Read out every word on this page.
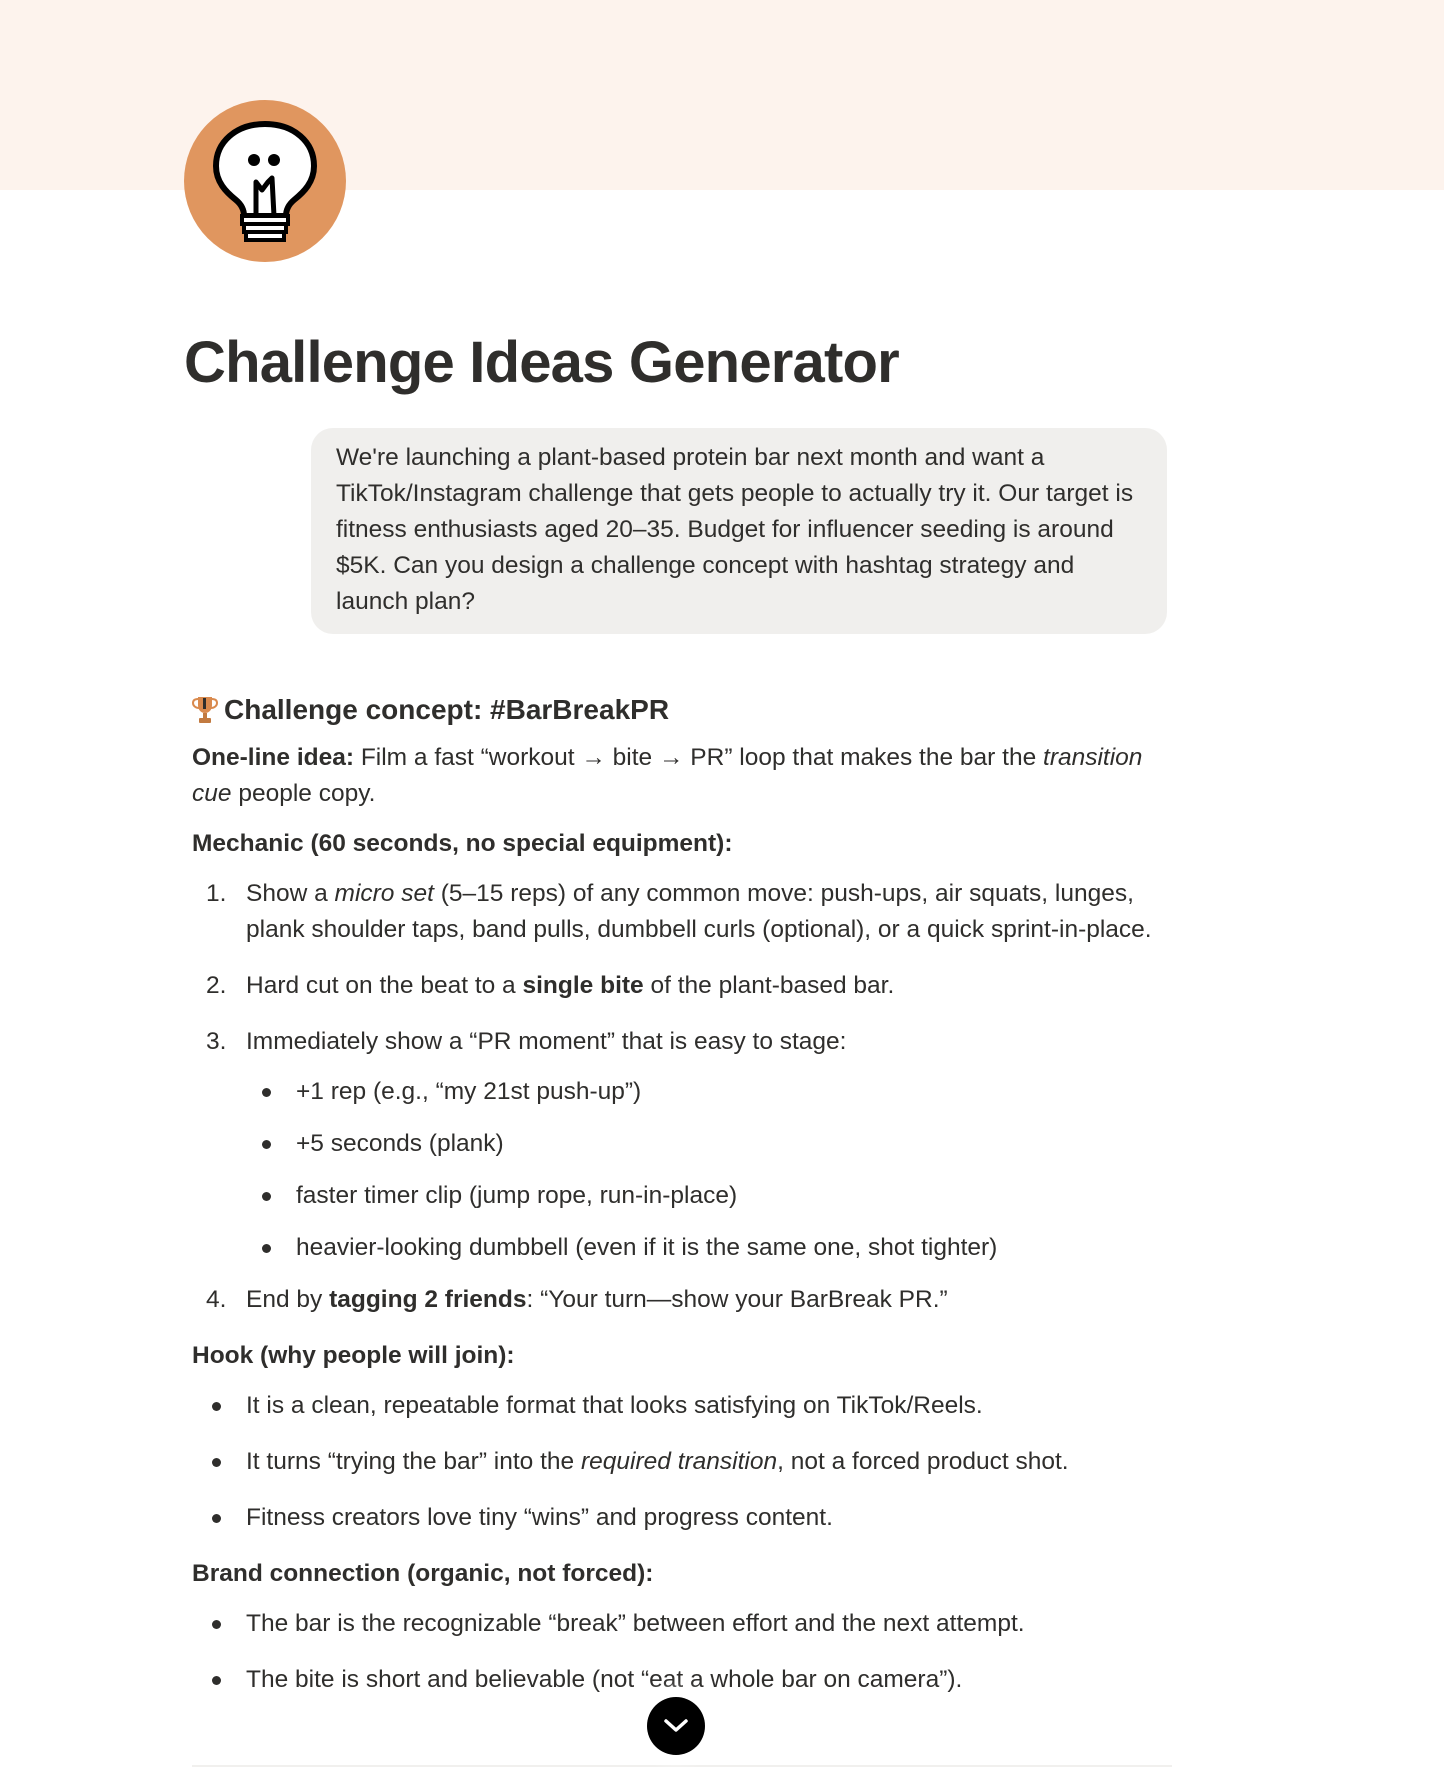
Challenge Ideas Generator
We're launching a plant-based protein bar next month and want a TikTok/Instagram challenge that gets people to actually try it. Our target is fitness enthusiasts aged 20–35. Budget for influencer seeding is around $5K. Can you design a challenge concept with hashtag strategy and launch plan?
Challenge concept: #BarBreakPR

One-line idea: Film a fast “workout → bite → PR” loop that makes the bar the transition cue people copy.

Mechanic (60 seconds, no special equipment):

1. Show a micro set (5–15 reps) of any common move: push-ups, air squats, lunges, plank shoulder taps, band pulls, dumbbell curls (optional), or a quick sprint-in-place.
2. Hard cut on the beat to a single bite of the plant-based bar.
3. Immediately show a “PR moment” that is easy to stage:
+1 rep (e.g., “my 21st push-up”)
+5 seconds (plank)
faster timer clip (jump rope, run-in-place)
heavier-looking dumbbell (even if it is the same one, shot tighter)
4. End by tagging 2 friends: “Your turn—show your BarBreak PR.”

Hook (why people will join):

It is a clean, repeatable format that looks satisfying on TikTok/Reels.
It turns “trying the bar” into the required transition, not a forced product shot.
Fitness creators love tiny “wins” and progress content.

Brand connection (organic, not forced):

The bar is the recognizable “break” between effort and the next attempt.
The bite is short and believable (not “eat a whole bar on camera”).
